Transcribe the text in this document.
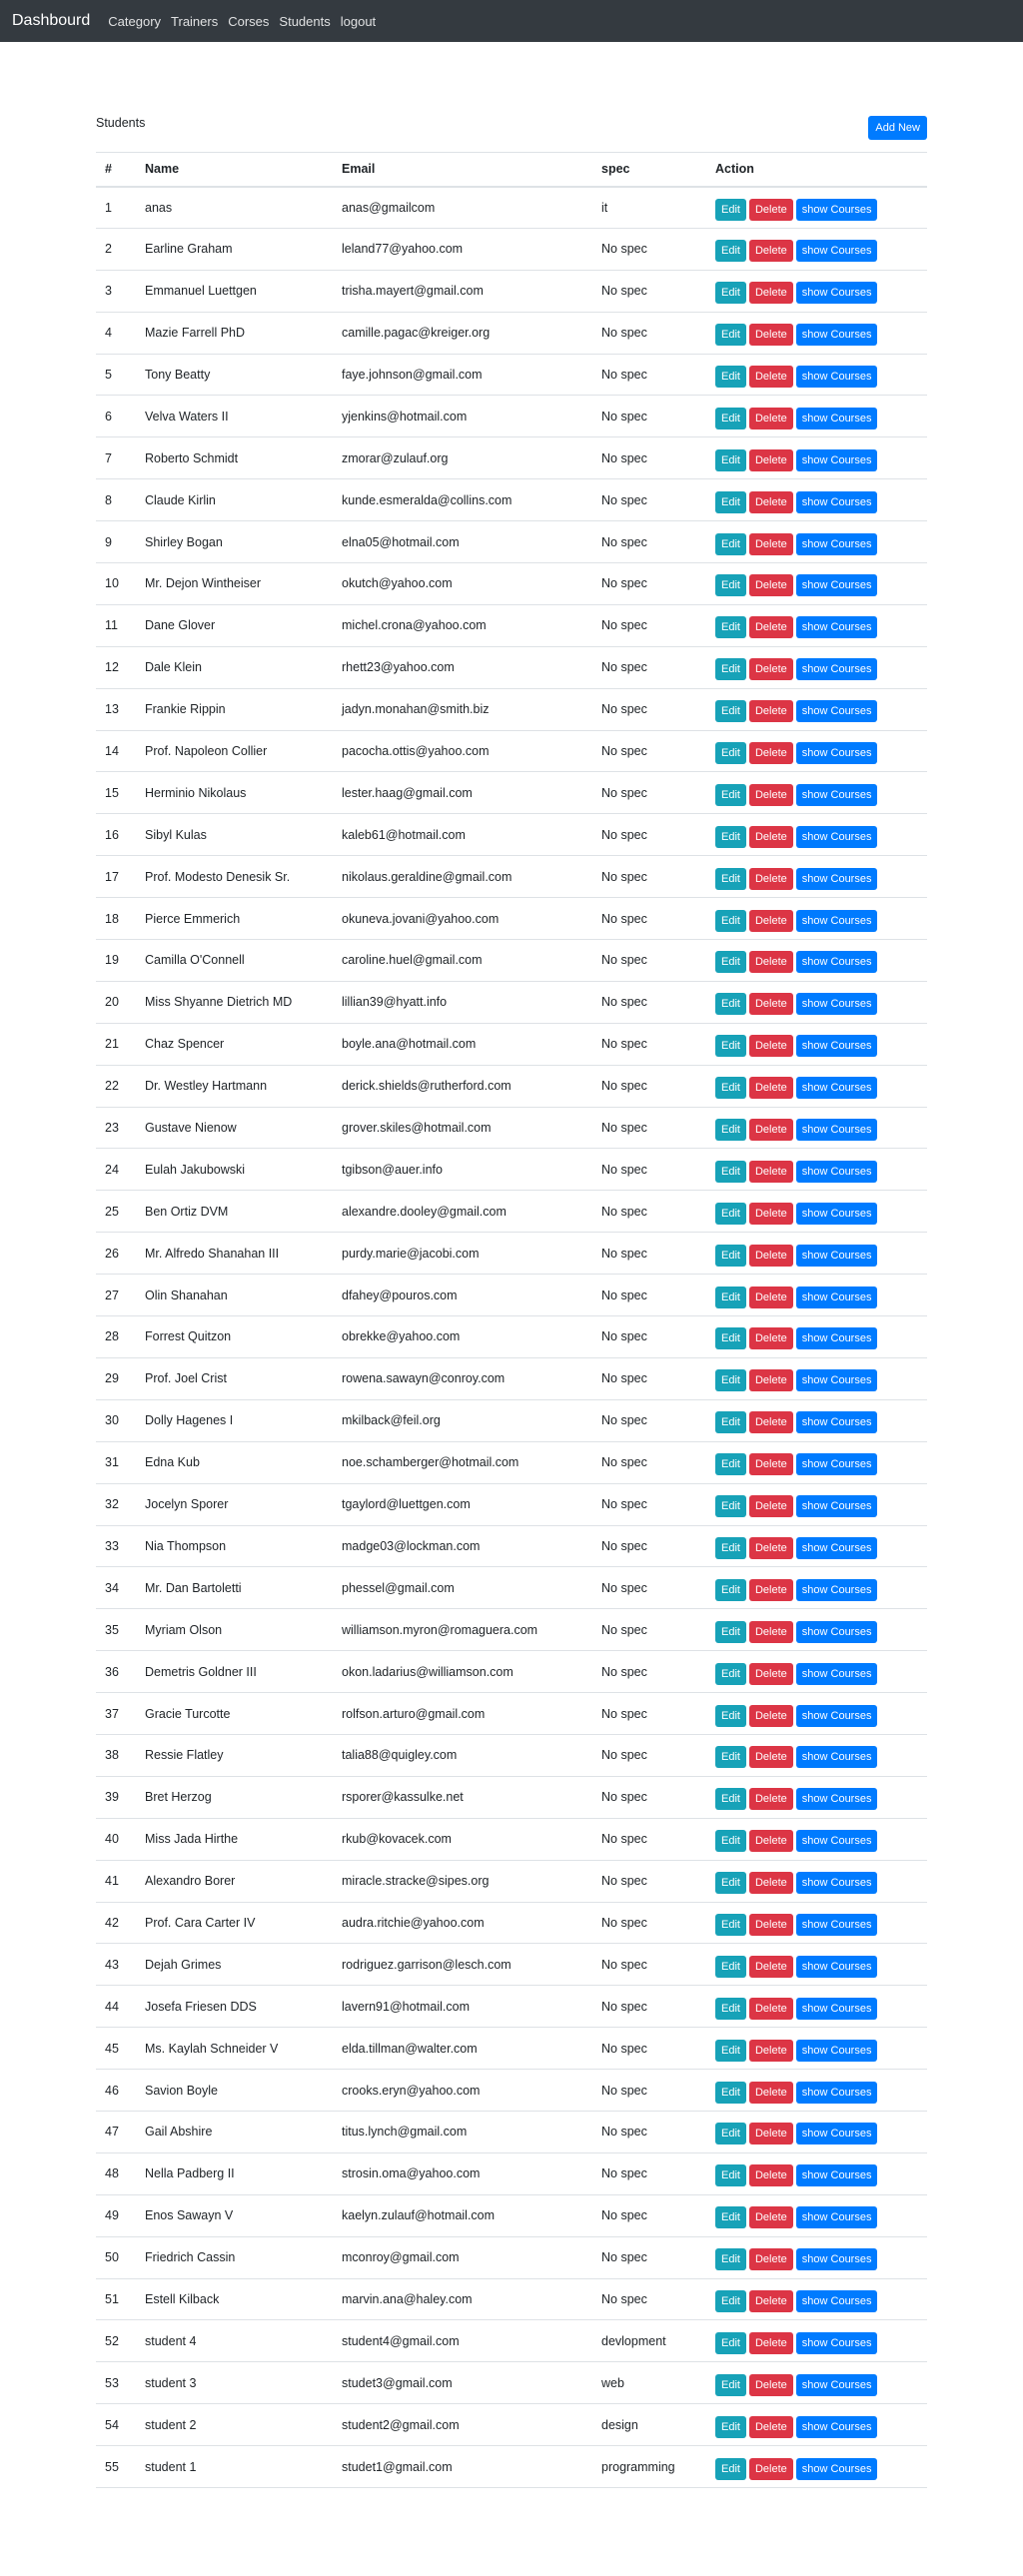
Dashbourd Category Trainers Corses Students logout
Students	Add New
#	Name	Email	spec	Action
1	anas	anas@gmailcom	it	Edit Delete show Courses

2	Earline Graham	leland77@yahoo.com	No spec	Edit Delete show Courses

3	Emmanuel Luettgen	trisha.mayert@gmail.com	No spec	Edit Delete show Courses

4	Mazie Farrell PhD	camille.pagac@kreiger.org	No spec	Edit Delete show Courses

5	Tony Beatty	faye.johnson@gmail.com	No spec	Edit Delete show Courses

6	Velva Waters II	yjenkins@hotmail.com	No spec	Edit Delete show Courses

7	Roberto Schmidt	zmorar@zulauf.org	No spec	Edit Delete show Courses

8	Claude Kirlin	kunde.esmeralda@collins.com	No spec	Edit Delete show Courses

9	Shirley Bogan	elna05@hotmail.com	No spec	Edit Delete show Courses

10	Mr. Dejon Wintheiser	okutch@yahoo.com	No spec	Edit Delete show Courses

11	Dane Glover	michel.crona@yahoo.com	No spec	Edit Delete show Courses

12	Dale Klein	rhett23@yahoo.com	No spec	Edit Delete show Courses

13	Frankie Rippin	jadyn.monahan@smith.biz	No spec	Edit Delete show Courses

14	Prof. Napoleon Collier	pacocha.ottis@yahoo.com	No spec	Edit Delete show Courses

15	Herminio Nikolaus	lester.haag@gmail.com	No spec	Edit Delete show Courses

16	Sibyl Kulas	kaleb61@hotmail.com	No spec	Edit Delete show Courses

17	Prof. Modesto Denesik Sr.	nikolaus.geraldine@gmail.com	No spec	Edit Delete show Courses

18	Pierce Emmerich	okuneva.jovani@yahoo.com	No spec	Edit Delete show Courses

19	Camilla O'Connell	caroline.huel@gmail.com	No spec	Edit Delete show Courses

20	Miss Shyanne Dietrich MD	lillian39@hyatt.info	No spec	Edit Delete show Courses

21	Chaz Spencer	boyle.ana@hotmail.com	No spec	Edit Delete show Courses

22	Dr. Westley Hartmann	derick.shields@rutherford.com	No spec	Edit Delete show Courses

23	Gustave Nienow	grover.skiles@hotmail.com	No spec	Edit Delete show Courses

24	Eulah Jakubowski	tgibson@auer.info	No spec	Edit Delete show Courses

25	Ben Ortiz DVM	alexandre.dooley@gmail.com	No spec	Edit Delete show Courses

26	Mr. Alfredo Shanahan III	purdy.marie@jacobi.com	No spec	Edit Delete show Courses

27	Olin Shanahan	dfahey@pouros.com	No spec	Edit Delete show Courses

28	Forrest Quitzon	obrekke@yahoo.com	No spec	Edit Delete show Courses

29	Prof. Joel Crist	rowena.sawayn@conroy.com	No spec	Edit Delete show Courses

30	Dolly Hagenes I	mkilback@feil.org	No spec	Edit Delete show Courses

31	Edna Kub	noe.schamberger@hotmail.com	No spec	Edit Delete show Courses

32	Jocelyn Sporer	tgaylord@luettgen.com	No spec	Edit Delete show Courses

33	Nia Thompson	madge03@lockman.com	No spec	Edit Delete show Courses

34	Mr. Dan Bartoletti	phessel@gmail.com	No spec	Edit Delete show Courses

35	Myriam Olson	williamson.myron@romaguera.com	No spec	Edit Delete show Courses

36	Demetris Goldner III	okon.ladarius@williamson.com	No spec	Edit Delete show Courses

37	Gracie Turcotte	rolfson.arturo@gmail.com	No spec	Edit Delete show Courses

38	Ressie Flatley	talia88@quigley.com	No spec	Edit Delete show Courses

39	Bret Herzog	rsporer@kassulke.net	No spec	Edit Delete show Courses

40	Miss Jada Hirthe	rkub@kovacek.com	No spec	Edit Delete show Courses

41	Alexandro Borer	miracle.stracke@sipes.org	No spec	Edit Delete show Courses

42	Prof. Cara Carter IV	audra.ritchie@yahoo.com	No spec	Edit Delete show Courses

43	Dejah Grimes	rodriguez.garrison@lesch.com	No spec	Edit Delete show Courses

44	Josefa Friesen DDS	lavern91@hotmail.com	No spec	Edit Delete show Courses

45	Ms. Kaylah Schneider V	elda.tillman@walter.com	No spec	Edit Delete show Courses

46	Savion Boyle	crooks.eryn@yahoo.com	No spec	Edit Delete show Courses

47	Gail Abshire	titus.lynch@gmail.com	No spec	Edit Delete show Courses

48	Nella Padberg II	strosin.oma@yahoo.com	No spec	Edit Delete show Courses

49	Enos Sawayn V	kaelyn.zulauf@hotmail.com	No spec	Edit Delete show Courses

50	Friedrich Cassin	mconroy@gmail.com	No spec	Edit Delete show Courses

51	Estell Kilback	marvin.ana@haley.com	No spec	Edit Delete show Courses

52	student 4	student4@gmail.com	devlopment	Edit Delete show Courses

53	student 3	studet3@gmail.com	web	Edit Delete show Courses

54	student 2	student2@gmail.com	design	Edit Delete show Courses

55	student 1	studet1@gmail.com	programming	Edit Delete show Courses
